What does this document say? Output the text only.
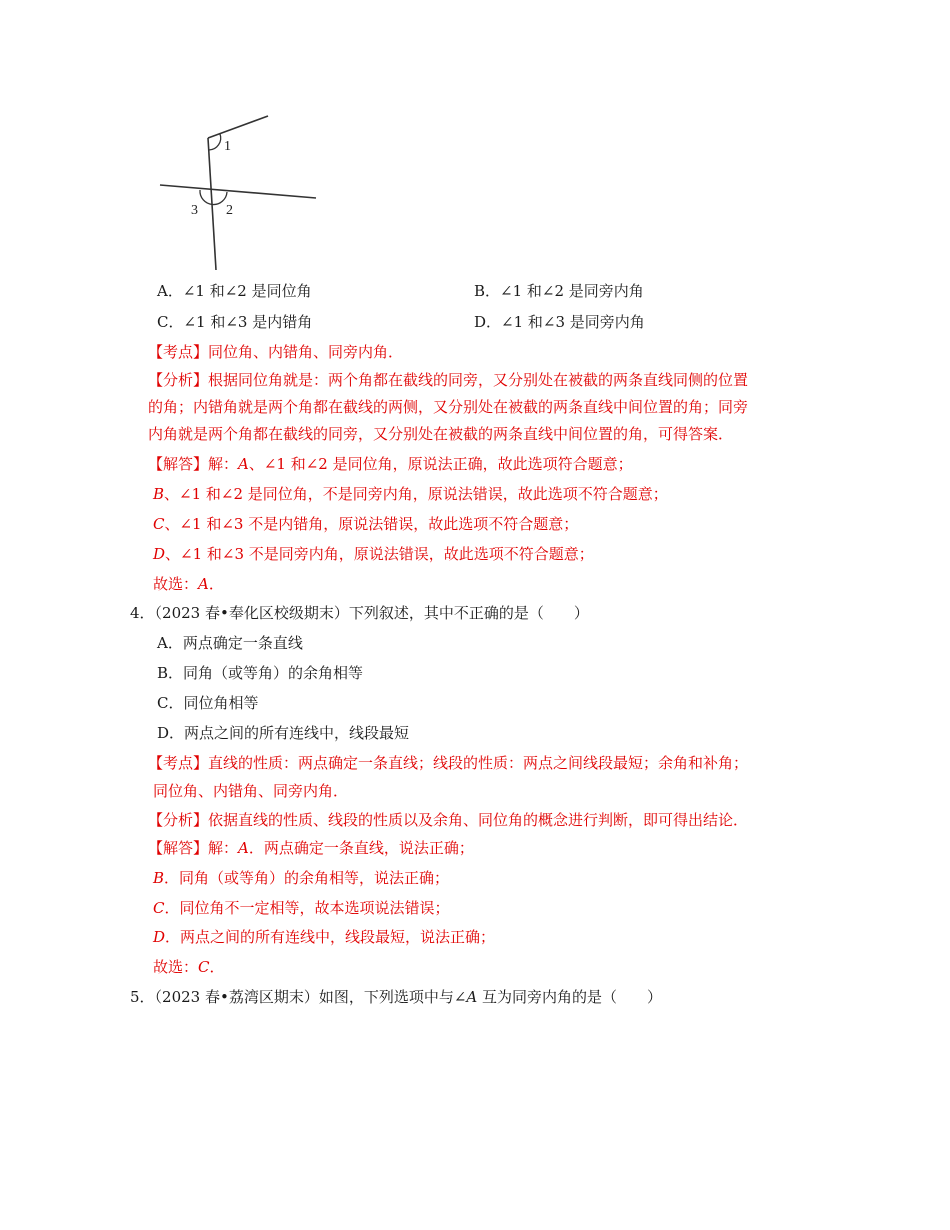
1
3 2
A．∠1 和∠2 是同位角	B．∠1 和∠2 是同旁内角
C．∠1 和∠3 是内错角	D．∠1 和∠3 是同旁内角
【考点】同位角、内错角、同旁内角．
【分析】根据同位角就是：两个角都在截线的同旁，又分别处在被截的两条直线同侧的位置
的角；内错角就是两个角都在截线的两侧，又分别处在被截的两条直线中间位置的角；同旁
内角就是两个角都在截线的同旁，又分别处在被截的两条直线中间位置的角，可得答案．
【解答】解：A、∠1 和∠2 是同位角，原说法正确，故此选项符合题意；
B、∠1 和∠2 是同位角，不是同旁内角，原说法错误，故此选项不符合题意；
C、∠1 和∠3 不是内错角，原说法错误，故此选项不符合题意；
D、∠1 和∠3 不是同旁内角，原说法错误，故此选项不符合题意；
故选：A．
4．（2023 春•奉化区校级期末）下列叙述，其中不正确的是（　　）
A．两点确定一条直线
B．同角（或等角）的余角相等
C．同位角相等
D．两点之间的所有连线中，线段最短
【考点】直线的性质：两点确定一条直线；线段的性质：两点之间线段最短；余角和补角；
同位角、内错角、同旁内角．
【分析】依据直线的性质、线段的性质以及余角、同位角的概念进行判断，即可得出结论．
【解答】解：A．两点确定一条直线，说法正确；
B．同角（或等角）的余角相等，说法正确；
C．同位角不一定相等，故本选项说法错误；
D．两点之间的所有连线中，线段最短，说法正确；
故选：C．
5．（2023 春•荔湾区期末）如图，下列选项中与∠A 互为同旁内角的是（　　）
